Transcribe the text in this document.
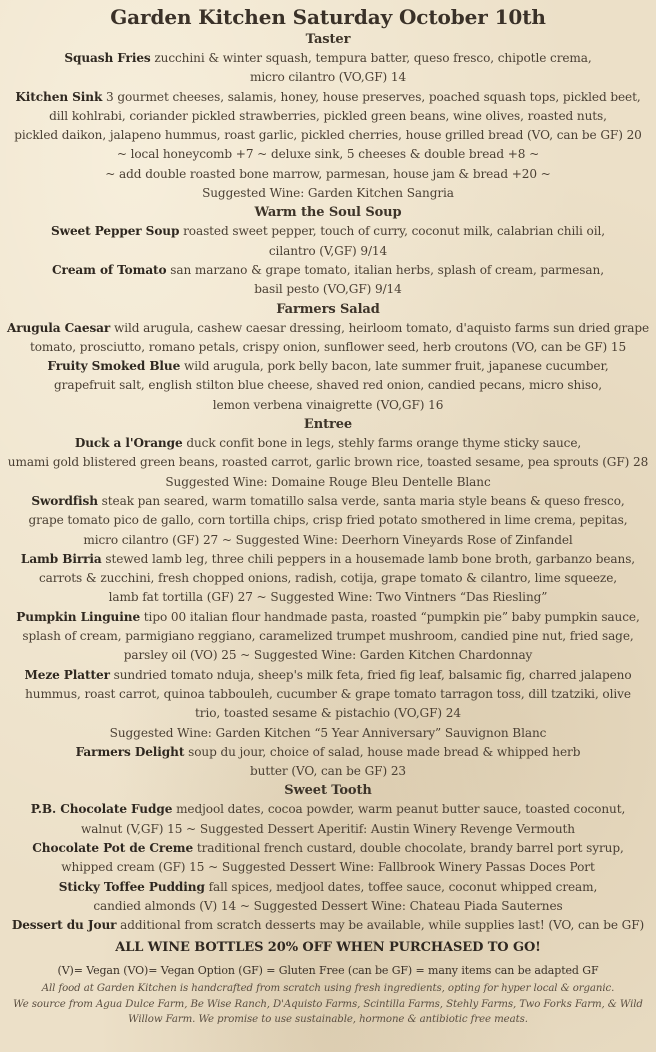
Garden Kitchen Saturday October 10th
Taster
Squash Fries zucchini & winter squash, tempura batter, queso fresco, chipotle crema,
micro cilantro (VO,GF) 14
Kitchen Sink 3 gourmet cheeses, salamis, honey, house preserves, poached squash tops, pickled beet,
dill kohlrabi, coriander pickled strawberries, pickled green beans, wine olives, roasted nuts,
pickled daikon, jalapeno hummus, roast garlic, pickled cherries, house grilled bread (VO, can be GF) 20
~ local honeycomb +7 ~ deluxe sink, 5 cheeses & double bread +8 ~
~ add double roasted bone marrow, parmesan, house jam & bread +20 ~
Suggested Wine: Garden Kitchen Sangria
Warm the Soul Soup
Sweet Pepper Soup roasted sweet pepper, touch of curry, coconut milk, calabrian chili oil,
cilantro (V,GF) 9/14
Cream of Tomato san marzano & grape tomato, italian herbs, splash of cream, parmesan,
basil pesto (VO,GF) 9/14
Farmers Salad
Arugula Caesar wild arugula, cashew caesar dressing, heirloom tomato, d'aquisto farms sun dried grape
tomato, prosciutto, romano petals, crispy onion, sunflower seed, herb croutons (VO, can be GF) 15
Fruity Smoked Blue wild arugula, pork belly bacon, late summer fruit, japanese cucumber,
grapefruit salt, english stilton blue cheese, shaved red onion, candied pecans, micro shiso,
lemon verbena vinaigrette (VO,GF) 16
Entree
Duck a l'Orange duck confit bone in legs, stehly farms orange thyme sticky sauce,
umami gold blistered green beans, roasted carrot, garlic brown rice, toasted sesame, pea sprouts (GF) 28
Suggested Wine: Domaine Rouge Bleu Dentelle Blanc
Swordfish steak pan seared, warm tomatillo salsa verde, santa maria style beans & queso fresco,
grape tomato pico de gallo, corn tortilla chips, crisp fried potato smothered in lime crema, pepitas,
micro cilantro (GF) 27 ~ Suggested Wine: Deerhorn Vineyards Rose of Zinfandel
Lamb Birria stewed lamb leg, three chili peppers in a housemade lamb bone broth, garbanzo beans,
carrots & zucchini, fresh chopped onions, radish, cotija, grape tomato & cilantro, lime squeeze,
lamb fat tortilla (GF) 27 ~ Suggested Wine: Two Vintners “Das Riesling”
Pumpkin Linguine tipo 00 italian flour handmade pasta, roasted “pumpkin pie” baby pumpkin sauce,
splash of cream, parmigiano reggiano, caramelized trumpet mushroom, candied pine nut, fried sage,
parsley oil (VO) 25 ~ Suggested Wine: Garden Kitchen Chardonnay
Meze Platter sundried tomato nduja, sheep's milk feta, fried fig leaf, balsamic fig, charred jalapeno
hummus, roast carrot, quinoa tabbouleh, cucumber & grape tomato tarragon toss, dill tzatziki, olive
trio, toasted sesame & pistachio (VO,GF) 24
Suggested Wine: Garden Kitchen “5 Year Anniversary” Sauvignon Blanc
Farmers Delight soup du jour, choice of salad, house made bread & whipped herb
butter (VO, can be GF) 23
Sweet Tooth
P.B. Chocolate Fudge medjool dates, cocoa powder, warm peanut butter sauce, toasted coconut,
walnut (V,GF) 15 ~ Suggested Dessert Aperitif: Austin Winery Revenge Vermouth
Chocolate Pot de Creme traditional french custard, double chocolate, brandy barrel port syrup,
whipped cream (GF) 15 ~ Suggested Dessert Wine: Fallbrook Winery Passas Doces Port
Sticky Toffee Pudding fall spices, medjool dates, toffee sauce, coconut whipped cream,
candied almonds (V) 14 ~ Suggested Dessert Wine: Chateau Piada Sauternes
Dessert du Jour additional from scratch desserts may be available, while supplies last! (VO, can be GF)
ALL WINE BOTTLES 20% OFF WHEN PURCHASED TO GO!
(V)= Vegan (VO)= Vegan Option (GF) = Gluten Free (can be GF) = many items can be adapted GF
All food at Garden Kitchen is handcrafted from scratch using fresh ingredients, opting for hyper local & organic.
We source from Agua Dulce Farm, Be Wise Ranch, D'Aquisto Farms, Scintilla Farms, Stehly Farms, Two Forks Farm, & Wild
Willow Farm. We promise to use sustainable, hormone & antibiotic free meats.
